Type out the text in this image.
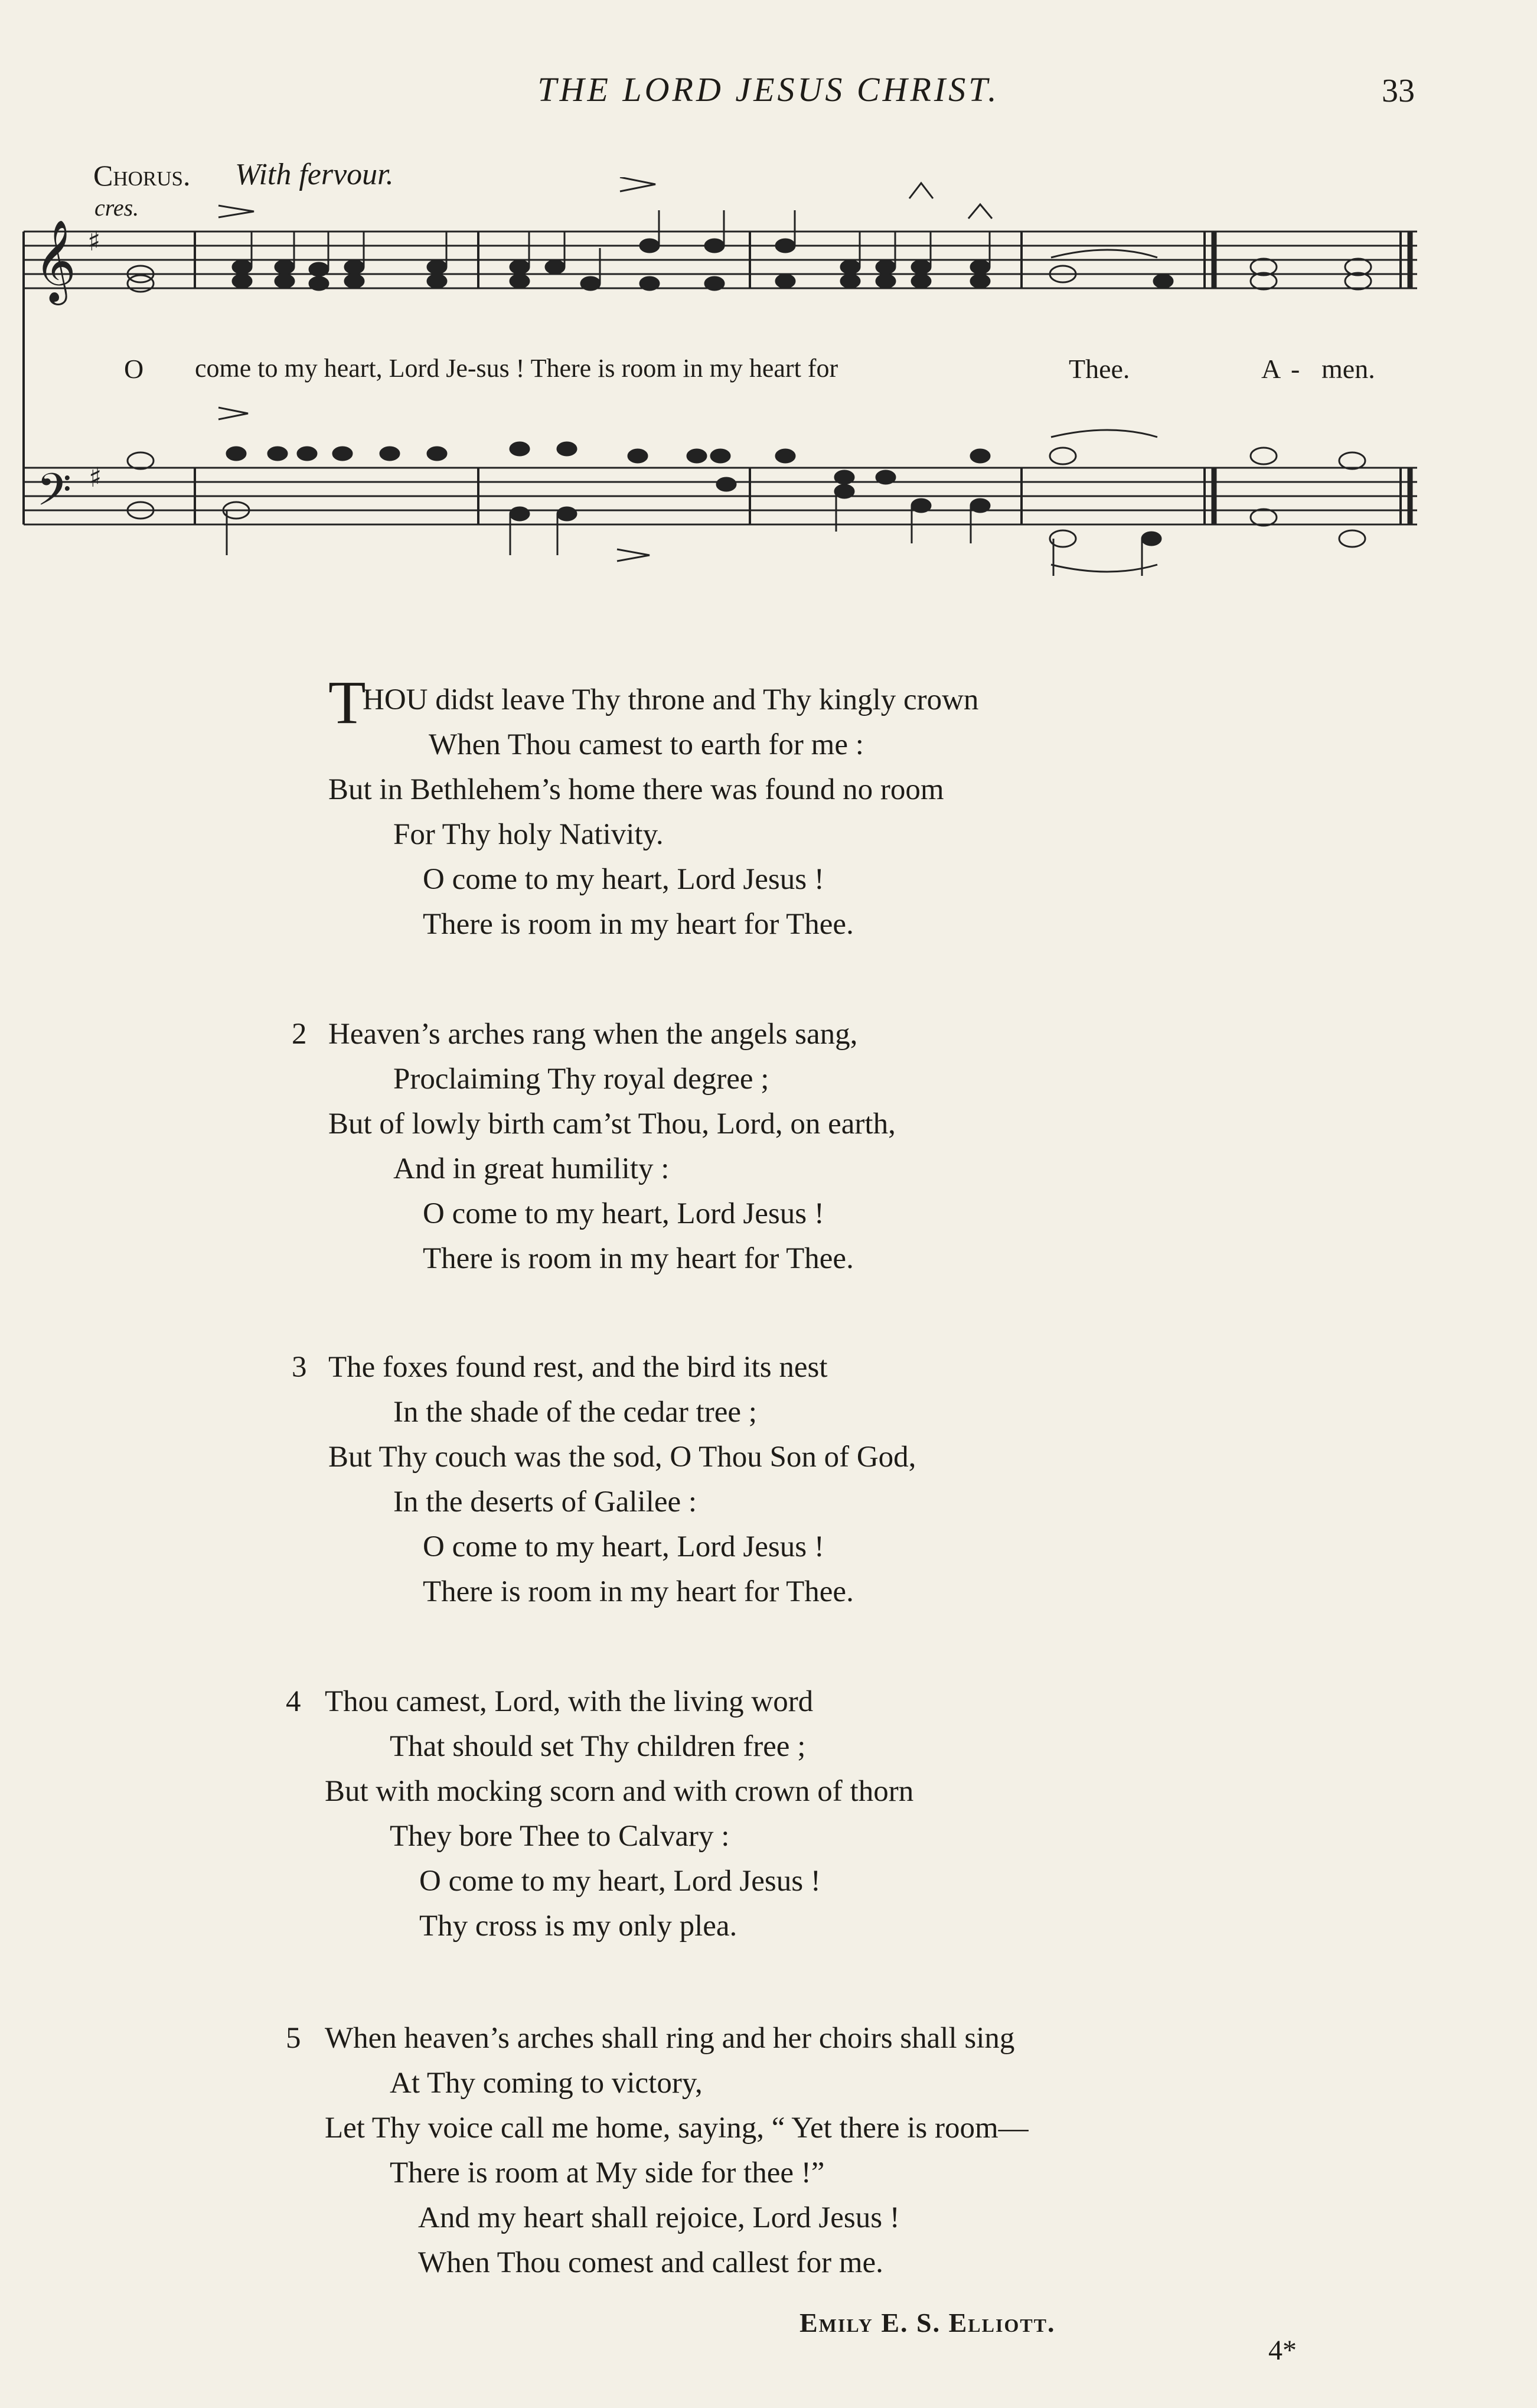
THE LORD JESUS CHRIST.	33
Chorus. With fervour.
cres.
𝄞
𝄢
♯
♯
O come to my heart, Lord Je-sus ! There is room in my heart for	Thee.	A - men.
T
HOU didst leave Thy throne and Thy kingly crown
When Thou camest to earth for me :
But in Bethlehem’s home there was found no room
For Thy holy Nativity.
O come to my heart, Lord Jesus !
There is room in my heart for Thee.
2 Heaven’s arches rang when the angels sang,
Proclaiming Thy royal degree ;
But of lowly birth cam’st Thou, Lord, on earth,
And in great humility :
O come to my heart, Lord Jesus !
There is room in my heart for Thee.
3 The foxes found rest, and the bird its nest
In the shade of the cedar tree ;
But Thy couch was the sod, O Thou Son of God,
In the deserts of Galilee :
O come to my heart, Lord Jesus !
There is room in my heart for Thee.
4 Thou camest, Lord, with the living word
That should set Thy children free ;
But with mocking scorn and with crown of thorn
They bore Thee to Calvary :
O come to my heart, Lord Jesus !
Thy cross is my only plea.
5 When heaven’s arches shall ring and her choirs shall sing
At Thy coming to victory,
Let Thy voice call me home, saying, “ Yet there is room—
There is room at My side for thee !”
And my heart shall rejoice, Lord Jesus !
When Thou comest and callest for me.
Emily E. S. Elliott.
4*
